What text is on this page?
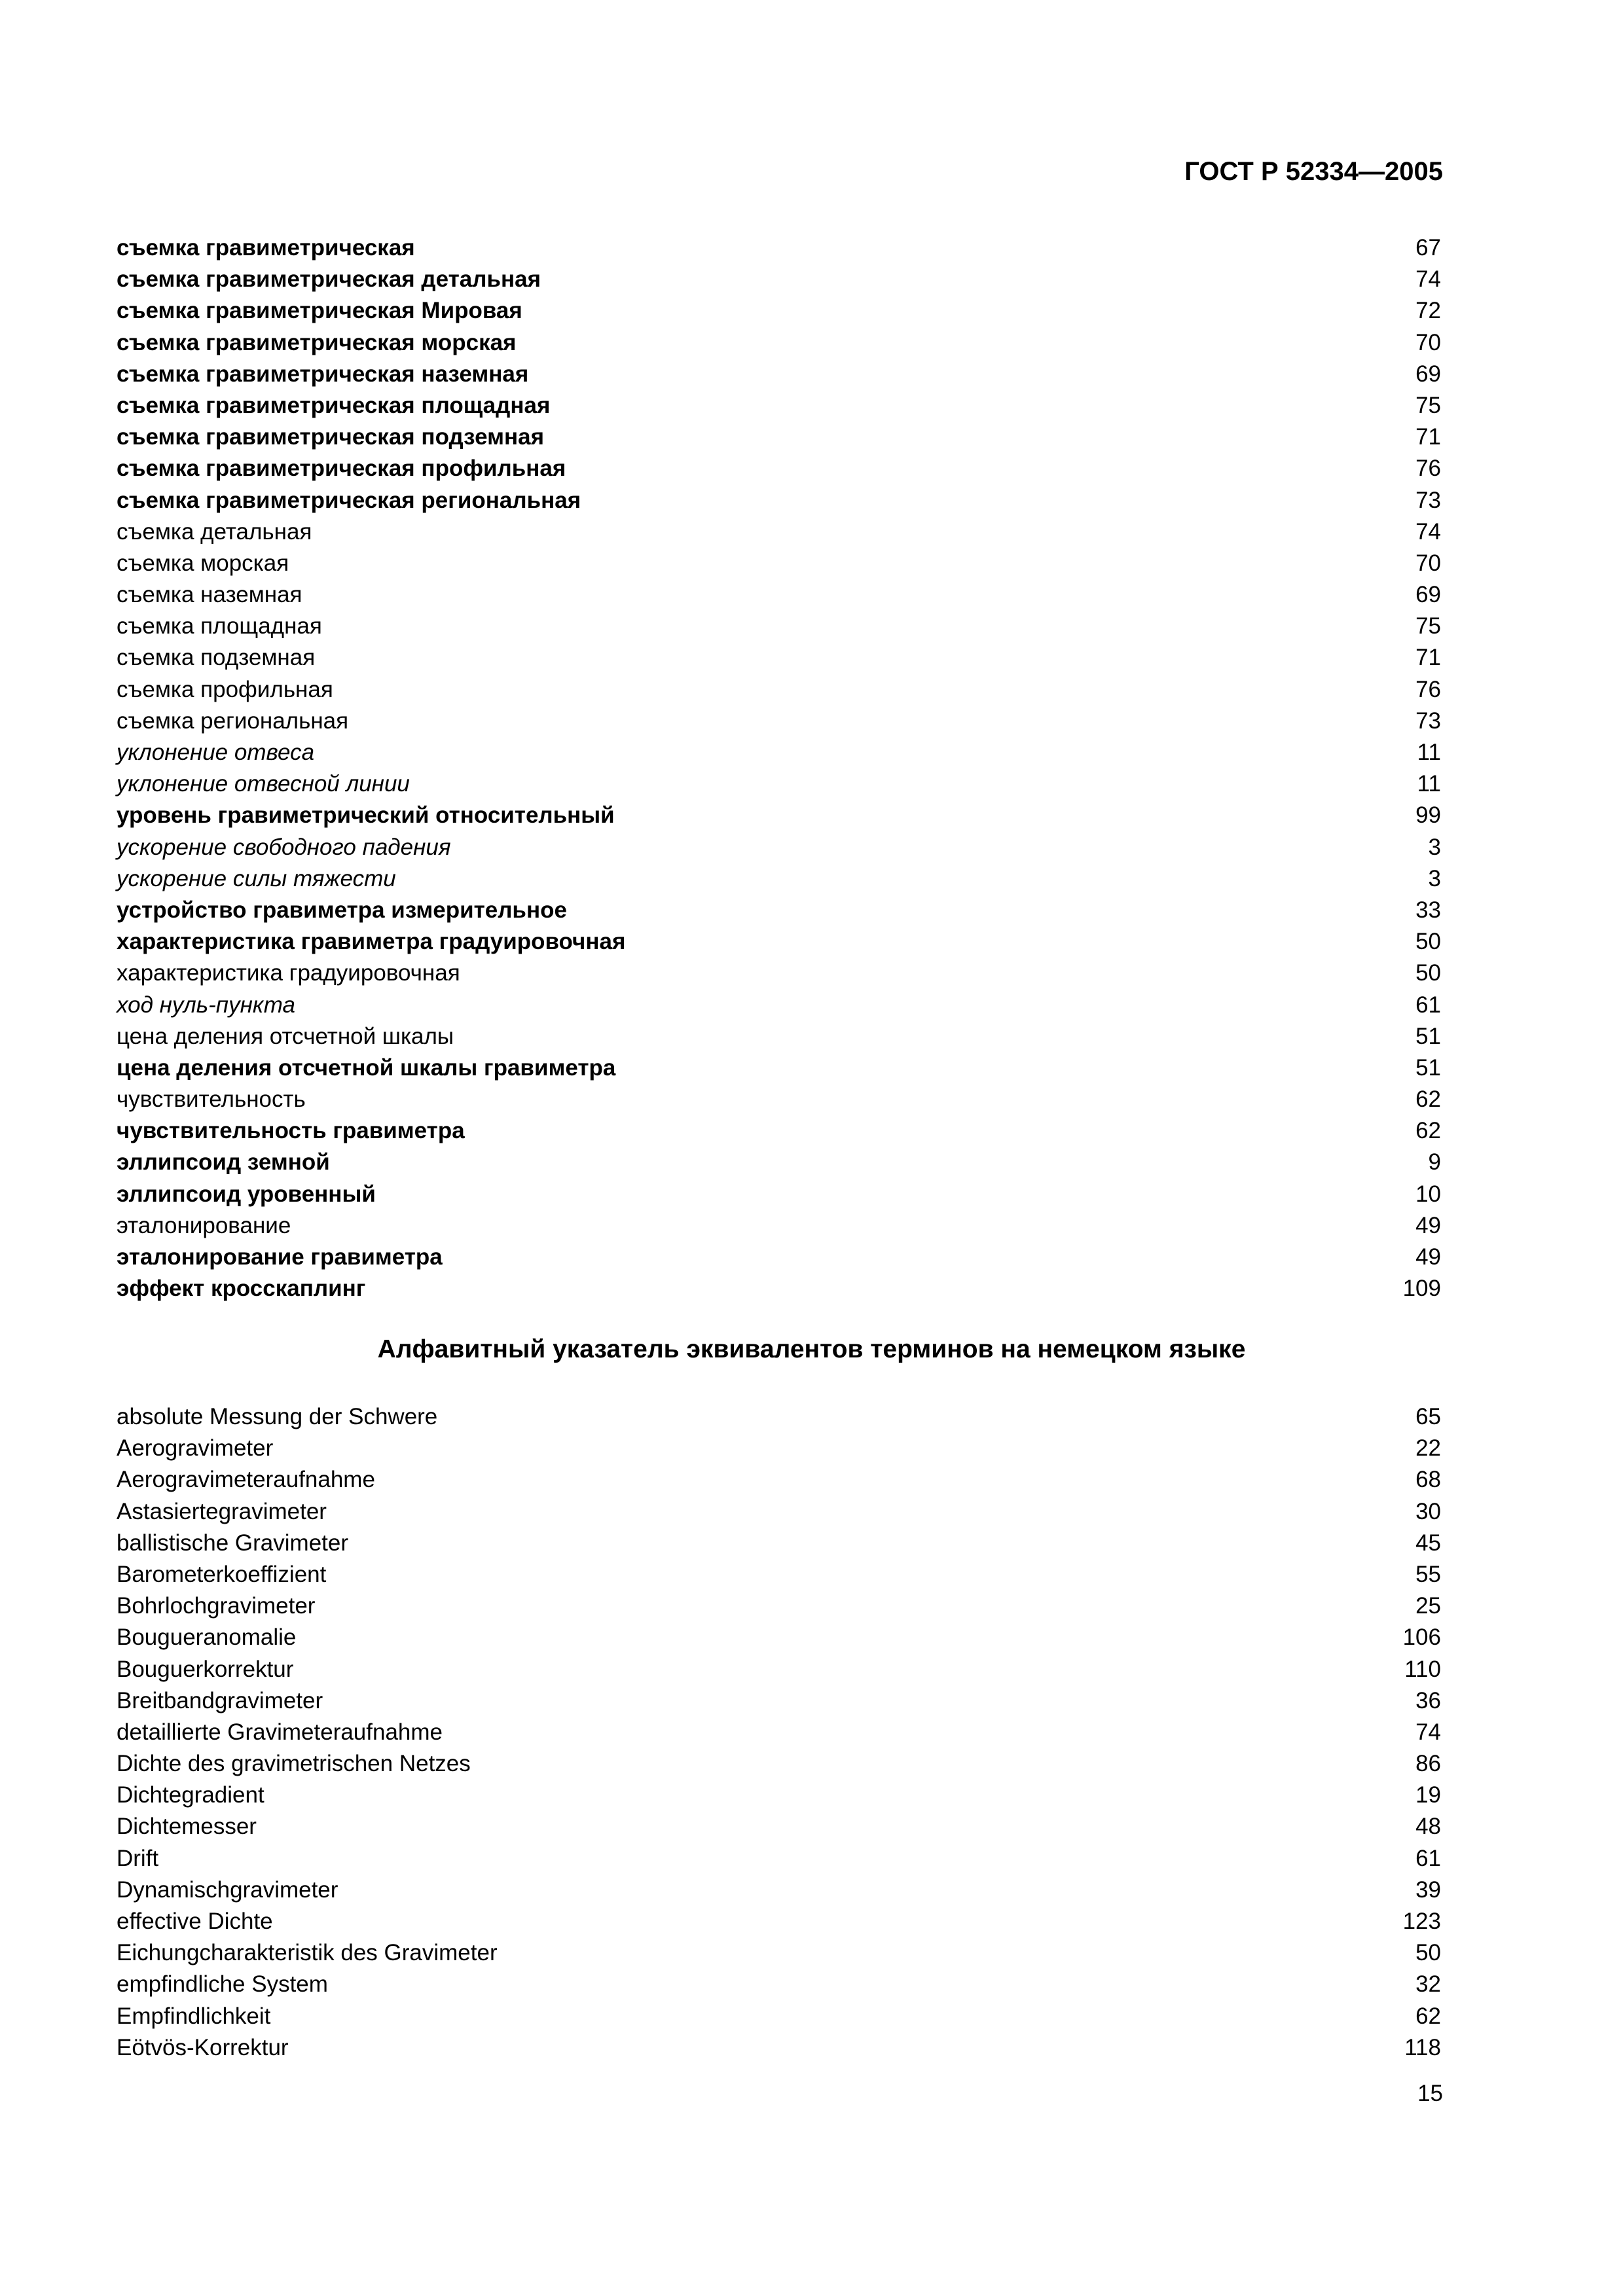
ГОСТ Р 52334—2005
съемка гравиметрическая	67
съемка гравиметрическая детальная	74
съемка гравиметрическая Мировая	72
съемка гравиметрическая морская	70
съемка гравиметрическая наземная	69
съемка гравиметрическая площадная	75
съемка гравиметрическая подземная	71
съемка гравиметрическая профильная	76
съемка гравиметрическая региональная	73
съемка детальная	74
съемка морская	70
съемка наземная	69
съемка площадная	75
съемка подземная	71
съемка профильная	76
съемка региональная	73
уклонение отвеса	11
уклонение отвесной линии	11
уровень гравиметрический относительный	99
ускорение свободного падения	3
ускорение силы тяжести	3
устройство гравиметра измерительное	33
характеристика гравиметра градуировочная	50
характеристика градуировочная	50
ход нуль-пункта	61
цена деления отсчетной шкалы	51
цена деления отсчетной шкалы гравиметра	51
чувствительность	62
чувствительность гравиметра	62
эллипсоид земной	9
эллипсоид уровенный	10
эталонирование	49
эталонирование гравиметра	49
эффект кросскаплинг	109
Алфавитный указатель эквивалентов терминов на немецком языке
absolute Messung der Schwere	65
Aerogravimeter	22
Aerogravimeteraufnahme	68
Astasiertegravimeter	30
ballistische Gravimeter	45
Barometerkoeffizient	55
Bohrlochgravimeter	25
Bougueranomalie	106
Bouguerkorrektur	110
Breitbandgravimeter	36
detaillierte Gravimeteraufnahme	74
Dichte des gravimetrischen Netzes	86
Dichtegradient	19
Dichtemesser	48
Drift	61
Dynamischgravimeter	39
effective Dichte	123
Eichungcharakteristik des Gravimeter	50
empfindliche System	32
Empfindlichkeit	62
Eötvös-Korrektur	118
15
